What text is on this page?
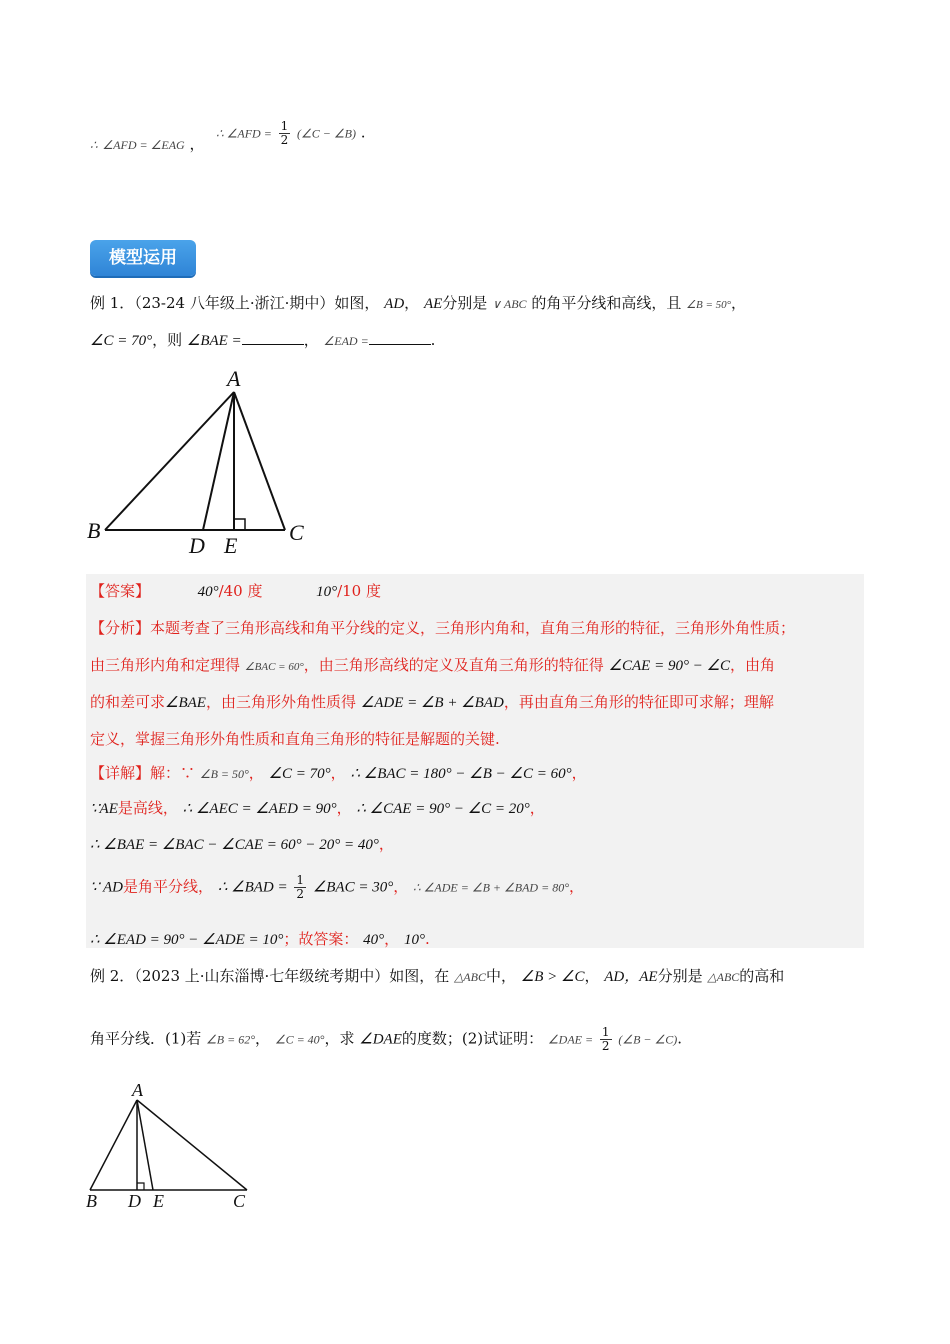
∴ ∠AFD = ∠EAG ，
∴ ∠AFD = $\frac{1}{2}$ (∠C − ∠B) .
模型运用
例 1．（23-24 八年级上·浙江·期中）如图， AD， AE分别是 ∨ ABC 的角平分线和高线，且 ∠B = 50°，
∠C = 70°，则 ∠BAE =	， ∠EAD =	.
A
B	C
D E
【答案】	40°/40 度	10°/10 度
【分析】本题考查了三角形高线和角平分线的定义，三角形内角和，直角三角形的特征，三角形外角性质；
由三角形内角和定理得 ∠BAC = 60°，由三角形高线的定义及直角三角形的特征得 ∠CAE = 90° − ∠C，由角
的和差可求∠BAE，由三角形外角性质得 ∠ADE = ∠B + ∠BAD，再由直角三角形的特征即可求解；理解
定义，掌握三角形外角性质和直角三角形的特征是解题的关键.
【详解】解：∵ ∠B = 50°， ∠C = 70°， ∴ ∠BAC = 180° − ∠B − ∠C = 60°，
∵AE是高线， ∴ ∠AEC = ∠AED = 90°， ∴ ∠CAE = 90° − ∠C = 20°，
∴ ∠BAE = ∠BAC − ∠CAE = 60° − 20° = 40°，
∵ AD是角平分线， ∴ ∠BAD = $\frac{1}{2}$ ∠BAC = 30°， ∴ ∠ADE = ∠B + ∠BAD = 80°，
∴ ∠EAD = 90° − ∠ADE = 10°；故答案： 40°， 10°.
例 2．（2023 上·山东淄博·七年级统考期中）如图，在 △ABC中， ∠B > ∠C， AD，AE分别是 △ABC的高和
角平分线．(1)若 ∠B = 62°， ∠C = 40°，求 ∠DAE的度数；(2)试证明： ∠DAE = $\frac{1}{2}$ (∠B − ∠C).
A
B D E	C
